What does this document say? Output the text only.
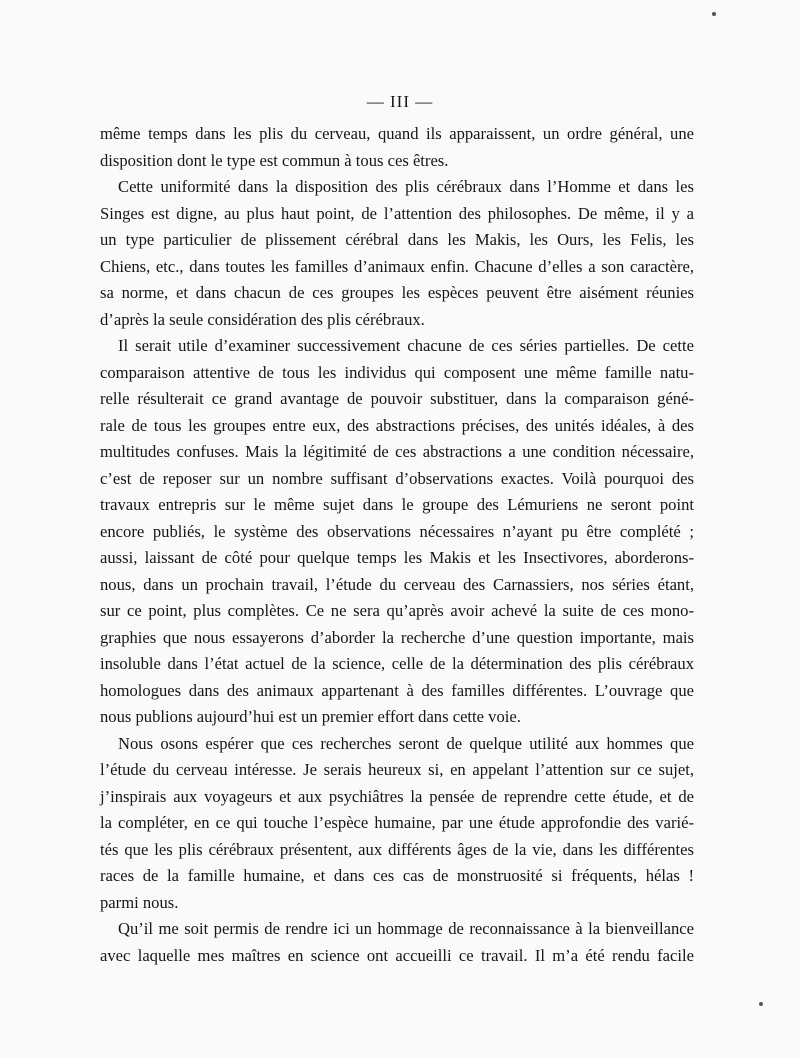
— III —
même temps dans les plis du cerveau, quand ils apparaissent, un ordre général, une
disposition dont le type est commun à tous ces êtres.
Cette uniformité dans la disposition des plis cérébraux dans l’Homme et dans les
Singes est digne, au plus haut point, de l’attention des philosophes. De même, il y a
un type particulier de plissement cérébral dans les Makis, les Ours, les Felis, les
Chiens, etc., dans toutes les familles d’animaux enfin. Chacune d’elles a son caractère,
sa norme, et dans chacun de ces groupes les espèces peuvent être aisément réunies
d’après la seule considération des plis cérébraux.
Il serait utile d’examiner successivement chacune de ces séries partielles. De cette
comparaison attentive de tous les individus qui composent une même famille natu-
relle résulterait ce grand avantage de pouvoir substituer, dans la comparaison géné-
rale de tous les groupes entre eux, des abstractions précises, des unités idéales, à des
multitudes confuses. Mais la légitimité de ces abstractions a une condition nécessaire,
c’est de reposer sur un nombre suffisant d’observations exactes. Voilà pourquoi des
travaux entrepris sur le même sujet dans le groupe des Lémuriens ne seront point
encore publiés, le système des observations nécessaires n’ayant pu être complété ;
aussi, laissant de côté pour quelque temps les Makis et les Insectivores, aborderons-
nous, dans un prochain travail, l’étude du cerveau des Carnassiers, nos séries étant,
sur ce point, plus complètes. Ce ne sera qu’après avoir achevé la suite de ces mono-
graphies que nous essayerons d’aborder la recherche d’une question importante, mais
insoluble dans l’état actuel de la science, celle de la détermination des plis cérébraux
homologues dans des animaux appartenant à des familles différentes. L’ouvrage que
nous publions aujourd’hui est un premier effort dans cette voie.
Nous osons espérer que ces recherches seront de quelque utilité aux hommes que
l’étude du cerveau intéresse. Je serais heureux si, en appelant l’attention sur ce sujet,
j’inspirais aux voyageurs et aux psychiâtres la pensée de reprendre cette étude, et de
la compléter, en ce qui touche l’espèce humaine, par une étude approfondie des varié-
tés que les plis cérébraux présentent, aux différents âges de la vie, dans les différentes
races de la famille humaine, et dans ces cas de monstruosité si fréquents, hélas !
parmi nous.
Qu’il me soit permis de rendre ici un hommage de reconnaissance à la bienveillance
avec laquelle mes maîtres en science ont accueilli ce travail. Il m’a été rendu facile
